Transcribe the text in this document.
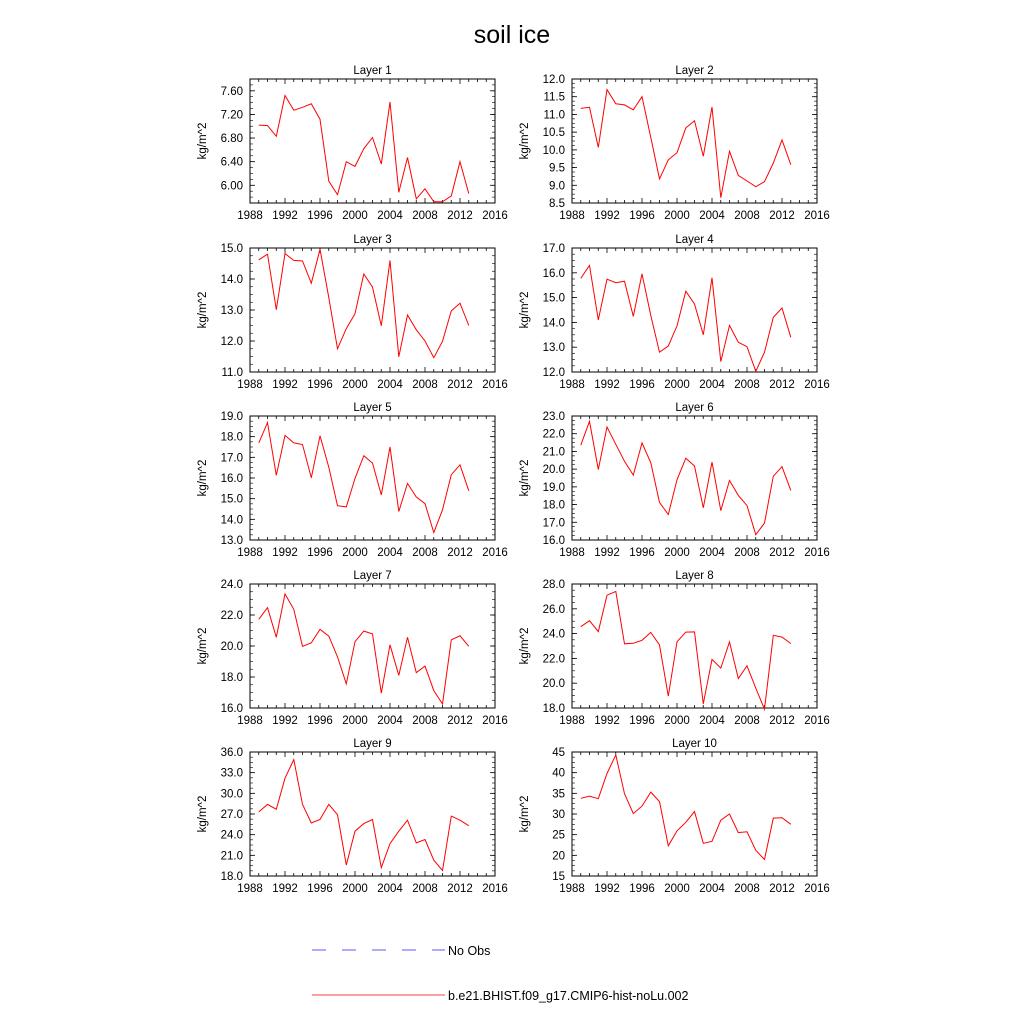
soil ice
Layer 1
kg/m^2
1988 1992 1996 2000 2004 2008 2012 2016
6.00
6.40
6.80
7.20
7.60
Layer 2
kg/m^2
1988 1992 1996 2000 2004 2008 2012 2016
8.5
9.0
9.5
10.0
10.5
11.0
11.5
12.0
Layer 3
kg/m^2
1988 1992 1996 2000 2004 2008 2012 2016
11.0
12.0
13.0
14.0
15.0
Layer 4
kg/m^2
1988 1992 1996 2000 2004 2008 2012 2016
12.0
13.0
14.0
15.0
16.0
17.0
Layer 5
kg/m^2
1988 1992 1996 2000 2004 2008 2012 2016
13.0
14.0
15.0
16.0
17.0
18.0
19.0
Layer 6
kg/m^2
1988 1992 1996 2000 2004 2008 2012 2016
16.0
17.0
18.0
19.0
20.0
21.0
22.0
23.0
Layer 7
kg/m^2
1988 1992 1996 2000 2004 2008 2012 2016
16.0
18.0
20.0
22.0
24.0
Layer 8
kg/m^2
1988 1992 1996 2000 2004 2008 2012 2016
18.0
20.0
22.0
24.0
26.0
28.0
Layer 9
kg/m^2
1988 1992 1996 2000 2004 2008 2012 2016
18.0
21.0
24.0
27.0
30.0
33.0
36.0
Layer 10
kg/m^2
1988 1992 1996 2000 2004 2008 2012 2016
15
20
25
30
35
40
45
No Obs
b.e21.BHIST.f09_g17.CMIP6-hist-noLu.002
